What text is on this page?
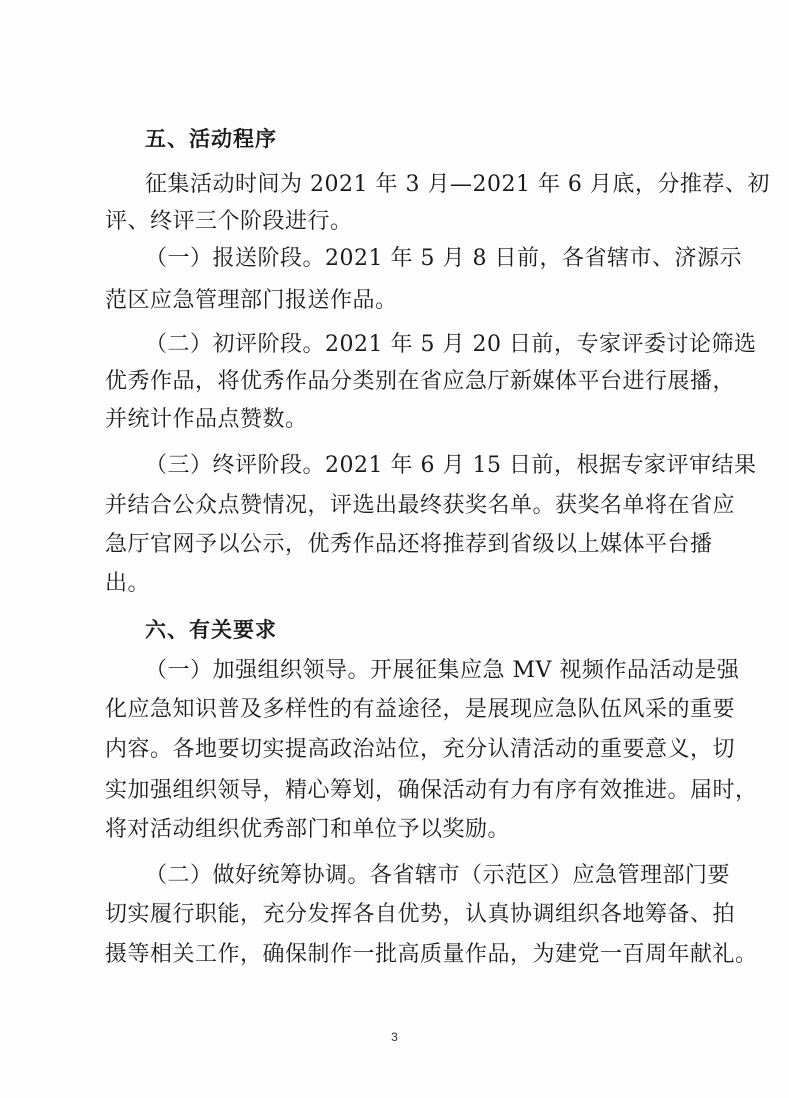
五、活动程序
征集活动时间为 2021 年 3 月—2021 年 6 月底，分推荐、初
评、终评三个阶段进行。
（一）报送阶段。2021 年 5 月 8 日前，各省辖市、济源示
范区应急管理部门报送作品。
（二）初评阶段。2021 年 5 月 20 日前，专家评委讨论筛选
优秀作品，将优秀作品分类别在省应急厅新媒体平台进行展播，
并统计作品点赞数。
（三）终评阶段。2021 年 6 月 15 日前，根据专家评审结果
并结合公众点赞情况，评选出最终获奖名单。获奖名单将在省应
急厅官网予以公示，优秀作品还将推荐到省级以上媒体平台播
出。
六、有关要求
（一）加强组织领导。开展征集应急 MV 视频作品活动是强
化应急知识普及多样性的有益途径，是展现应急队伍风采的重要
内容。各地要切实提高政治站位，充分认清活动的重要意义，切
实加强组织领导，精心筹划，确保活动有力有序有效推进。届时，
将对活动组织优秀部门和单位予以奖励。
（二）做好统筹协调。各省辖市（示范区）应急管理部门要
切实履行职能，充分发挥各自优势，认真协调组织各地筹备、拍
摄等相关工作，确保制作一批高质量作品，为建党一百周年献礼。
3
